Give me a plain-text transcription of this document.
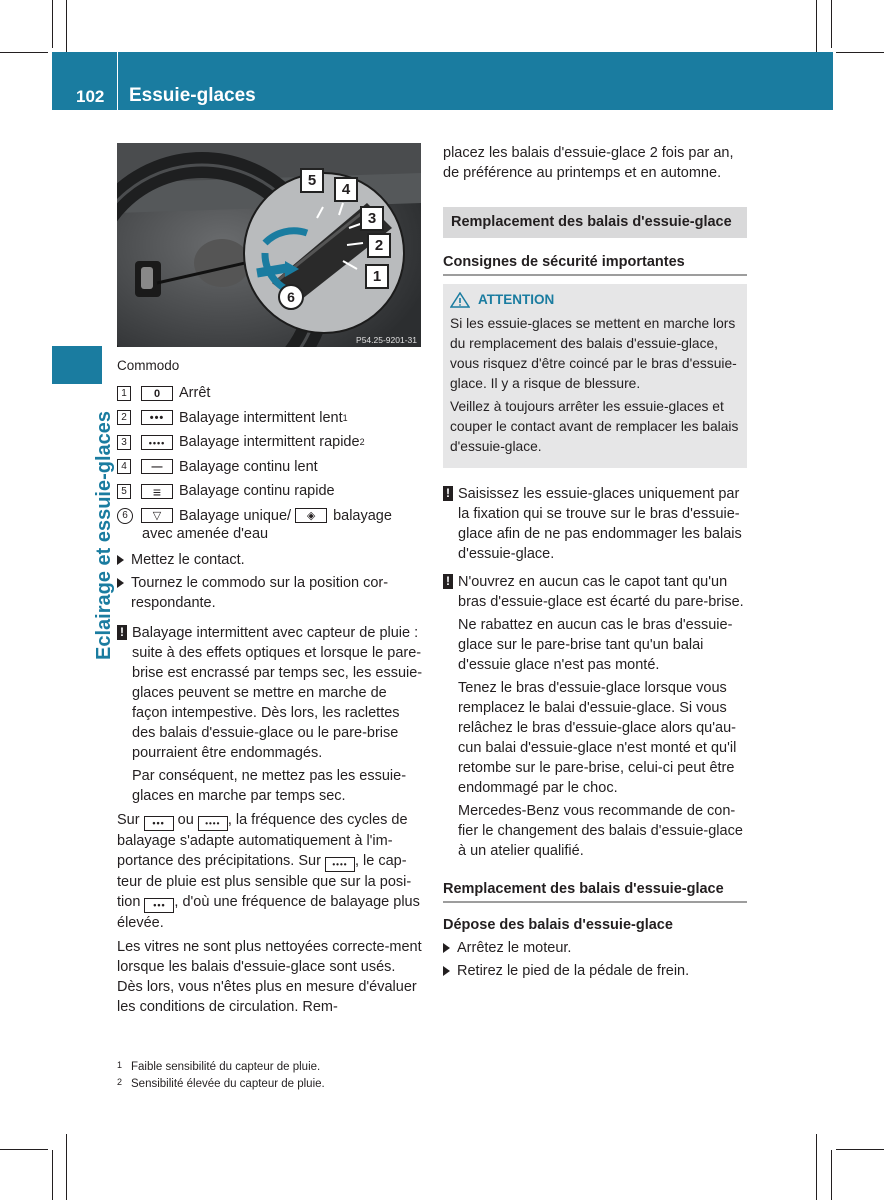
102 Essuie-glaces
Eclairage et essuie-glaces
5
4
3
2
1
6
P54.25-9201-31
Commodo
1	0	Arrêt
2	•••	Balayage intermittent lent 1
3	•••• Balayage intermittent rapide 2
4	—	Balayage continu lent
5	≡	Balayage continu rapide
6	▽	Balayage unique/	◈	balayage
avec amenée d'eau
Mettez le contact.
Tournez le commodo sur la position cor-respondante.
! Balayage intermittent avec capteur de pluie : suite à des effets optiques et lorsque le pare-brise est encrassé par temps sec, les essuie-glaces peuvent se mettre en marche de façon intempestive. Dès lors, les raclettes des balais d'essuie-glace ou le pare-brise pourraient être endommagés.

Par conséquent, ne mettez pas les essuie-glaces en marche par temps sec.

Sur ••• ou •••• , la fréquence des cycles de balayage s'adapte automatiquement à l'im-portance des précipitations. Sur •••• , le cap-teur de pluie est plus sensible que sur la posi-tion ••• , d'où une fréquence de balayage plus élevée.

Les vitres ne sont plus nettoyées correcte-ment lorsque les balais d'essuie-glace sont usés. Dès lors, vous n'êtes plus en mesure d'évaluer les conditions de circulation. Rem-

placez les balais d'essuie-glace 2 fois par an, de préférence au printemps et en automne.

Remplacement des balais d'essuie-glace
Consignes de sécurité importantes
ATTENTION

Si les essuie-glaces se mettent en marche lors du remplacement des balais d'essuie-glace, vous risquez d'être coincé par le bras d'essuie-glace. Il y a risque de blessure.

Veillez à toujours arrêter les essuie-glaces et couper le contact avant de remplacer les balais d'essuie-glace.

! Saisissez les essuie-glaces uniquement par la fixation qui se trouve sur le bras d'essuie-glace afin de ne pas endommager les balais d'essuie-glace.

! N'ouvrez en aucun cas le capot tant qu'un bras d'essuie-glace est écarté du pare-brise.

Ne rabattez en aucun cas le bras d'essuie-glace sur le pare-brise tant qu'un balai d'essuie glace n'est pas monté.

Tenez le bras d'essuie-glace lorsque vous remplacez le balai d'essuie-glace. Si vous relâchez le bras d'essuie-glace alors qu'au-cun balai d'essuie-glace n'est monté et qu'il retombe sur le pare-brise, celui-ci peut être endommagé par le choc.

Mercedes-Benz vous recommande de con-fier le changement des balais d'essuie-glace à un atelier qualifié.

Remplacement des balais d'essuie-glace
Dépose des balais d'essuie-glace
Arrêtez le moteur.
Retirez le pied de la pédale de frein.
1 Faible sensibilité du capteur de pluie.
2 Sensibilité élevée du capteur de pluie.
